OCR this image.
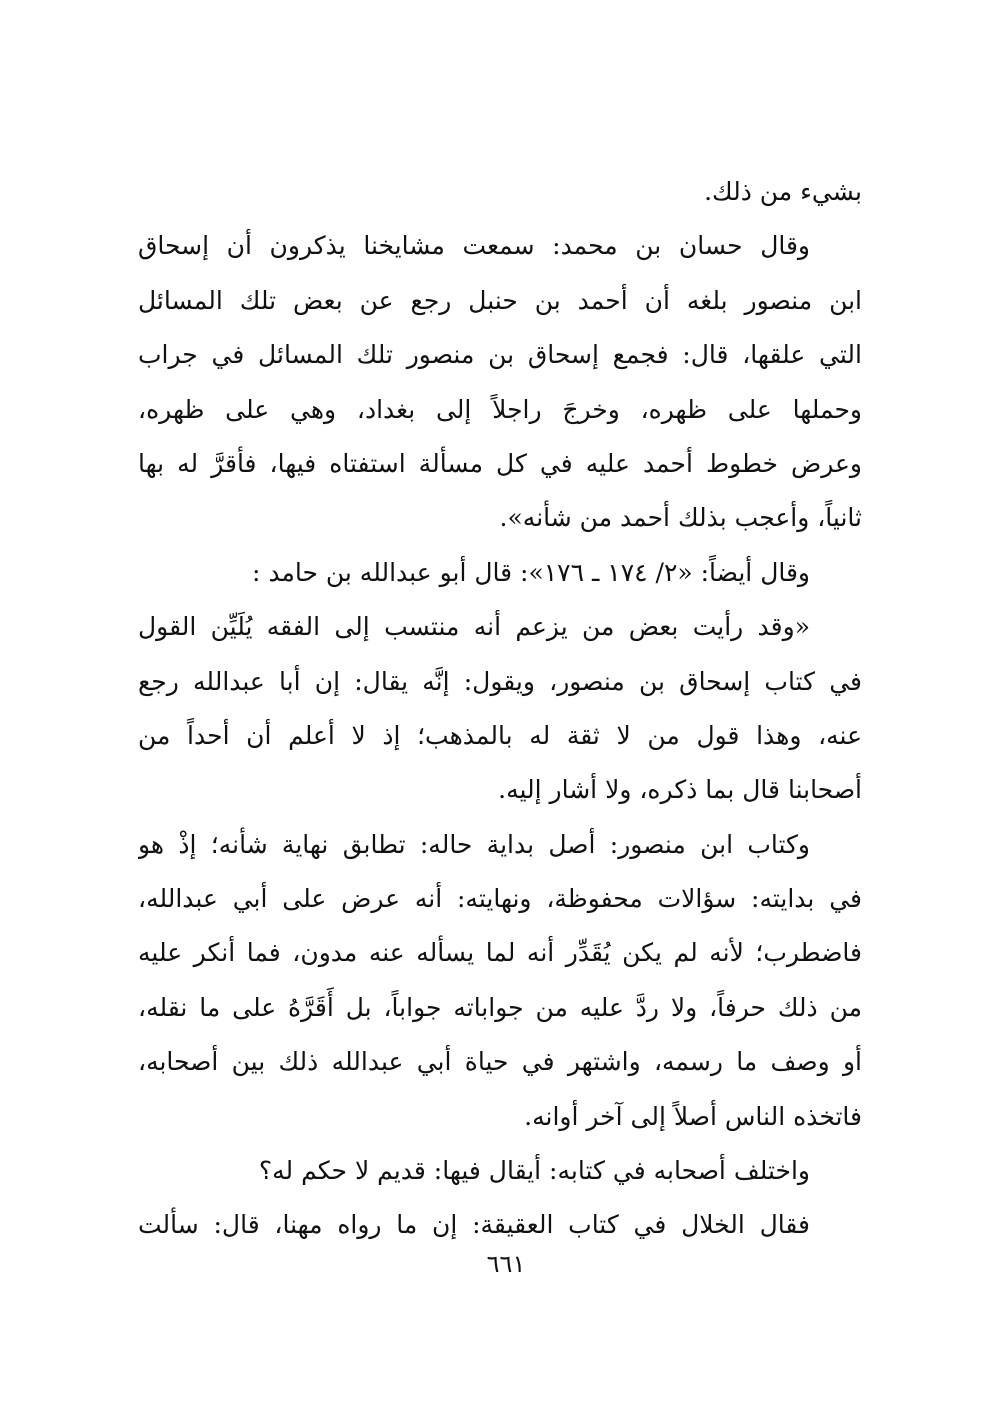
بشيء من ذلك.
وقال حسان بن محمد: سمعت مشايخنا يذكرون أن إسحاق
ابن منصور بلغه أن أحمد بن حنبل رجع عن بعض تلك المسائل
التي علقها، قال: فجمع إسحاق بن منصور تلك المسائل في جراب
وحملها على ظهره، وخرجَ راجلاً إلى بغداد، وهي على ظهره،
وعرض خطوط أحمد عليه في كل مسألة استفتاه فيها، فأقرَّ له بها
ثانياً، وأعجب بذلك أحمد من شأنه».
وقال أيضاً: «٢/ ١٧٤ ـ ١٧٦»: قال أبو عبدالله بن حامد :
«وقد رأيت بعض من يزعم أنه منتسب إلى الفقه يُلَيِّن القول
في كتاب إسحاق بن منصور، ويقول: إنَّه يقال: إن أبا عبدالله رجع
عنه، وهذا قول من لا ثقة له بالمذهب؛ إذ لا أعلم أن أحداً من
أصحابنا قال بما ذكره، ولا أشار إليه.
وكتاب ابن منصور: أصل بداية حاله: تطابق نهاية شأنه؛ إذْ هو
في بدايته: سؤالات محفوظة، ونهايته: أنه عرض على أبي عبدالله،
فاضطرب؛ لأنه لم يكن يُقَدِّر أنه لما يسأله عنه مدون، فما أنكر عليه
من ذلك حرفاً، ولا ردَّ عليه من جواباته جواباً، بل أَقَرَّهُ على ما نقله،
أو وصف ما رسمه، واشتهر في حياة أبي عبدالله ذلك بين أصحابه،
فاتخذه الناس أصلاً إلى آخر أوانه.
واختلف أصحابه في كتابه: أيقال فيها: قديم لا حكم له؟
فقال الخلال في كتاب العقيقة: إن ما رواه مهنا، قال: سألت
٦٦١
